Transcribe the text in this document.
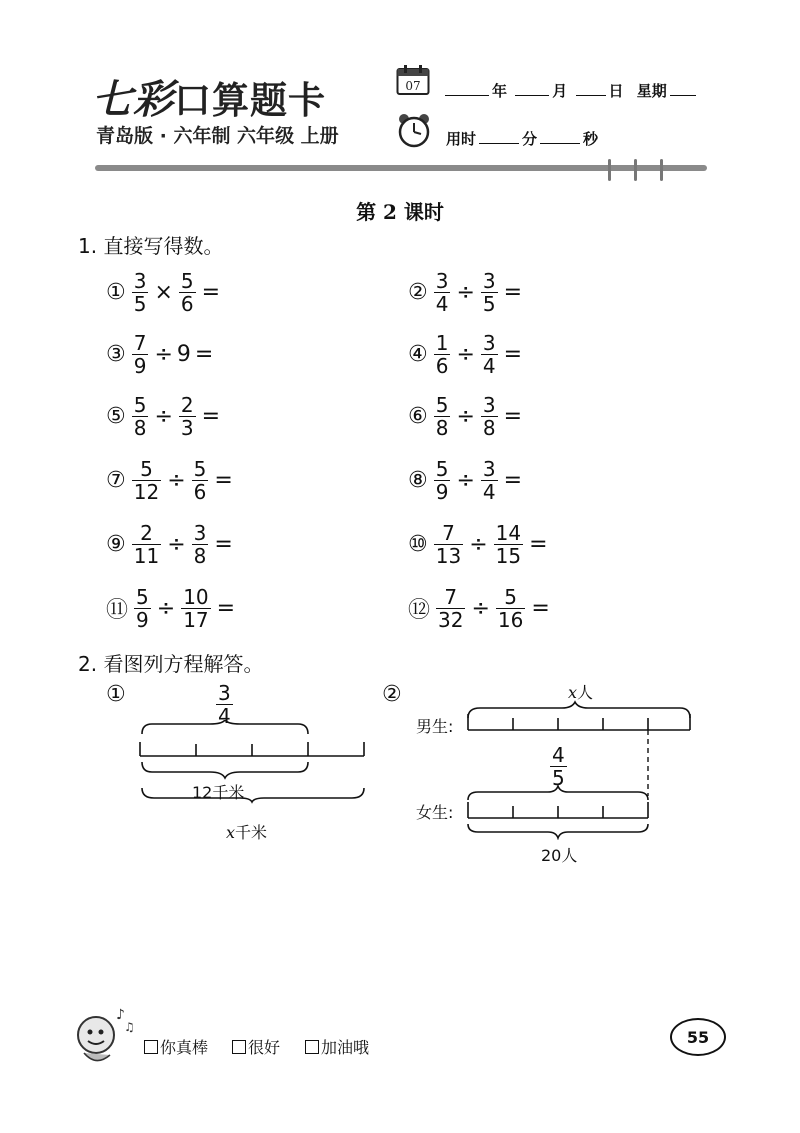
七彩口算题卡
青岛版 · 六年制 六年级 上册
07	年	月	日 星期
用时	分	秒
第 2 课时
1. 直接写得数。
① $\frac{3}{5} \times \frac{5}{6}$ =	② $\frac{3}{4} \div \frac{3}{5}$ =
③ $\frac{7}{9} \div 9$ =	④ $\frac{1}{6} \div \frac{3}{4}$ =
⑤ $\frac{5}{8} \div \frac{2}{3}$ =	⑥ $\frac{5}{8} \div \frac{3}{8}$ =
⑦ $\frac{5}{12} \div \frac{5}{6}$ =	⑧ $\frac{5}{9} \div \frac{3}{4}$ =
⑨ $\frac{2}{11} \div \frac{3}{8}$ =	⑩ $\frac{7}{13} \div \frac{14}{15}$ =
⑪ $\frac{5}{9} \div \frac{10}{17}$ =	⑫ $\frac{7}{32} \div \frac{5}{16}$ =
2. 看图列方程解答。
①	$\frac{3}{4}$
12千米
x千米
②	x人
男生:
女生:
$\frac{4}{5}$
20人
♪
♫
你真棒	很好	加油哦
55
